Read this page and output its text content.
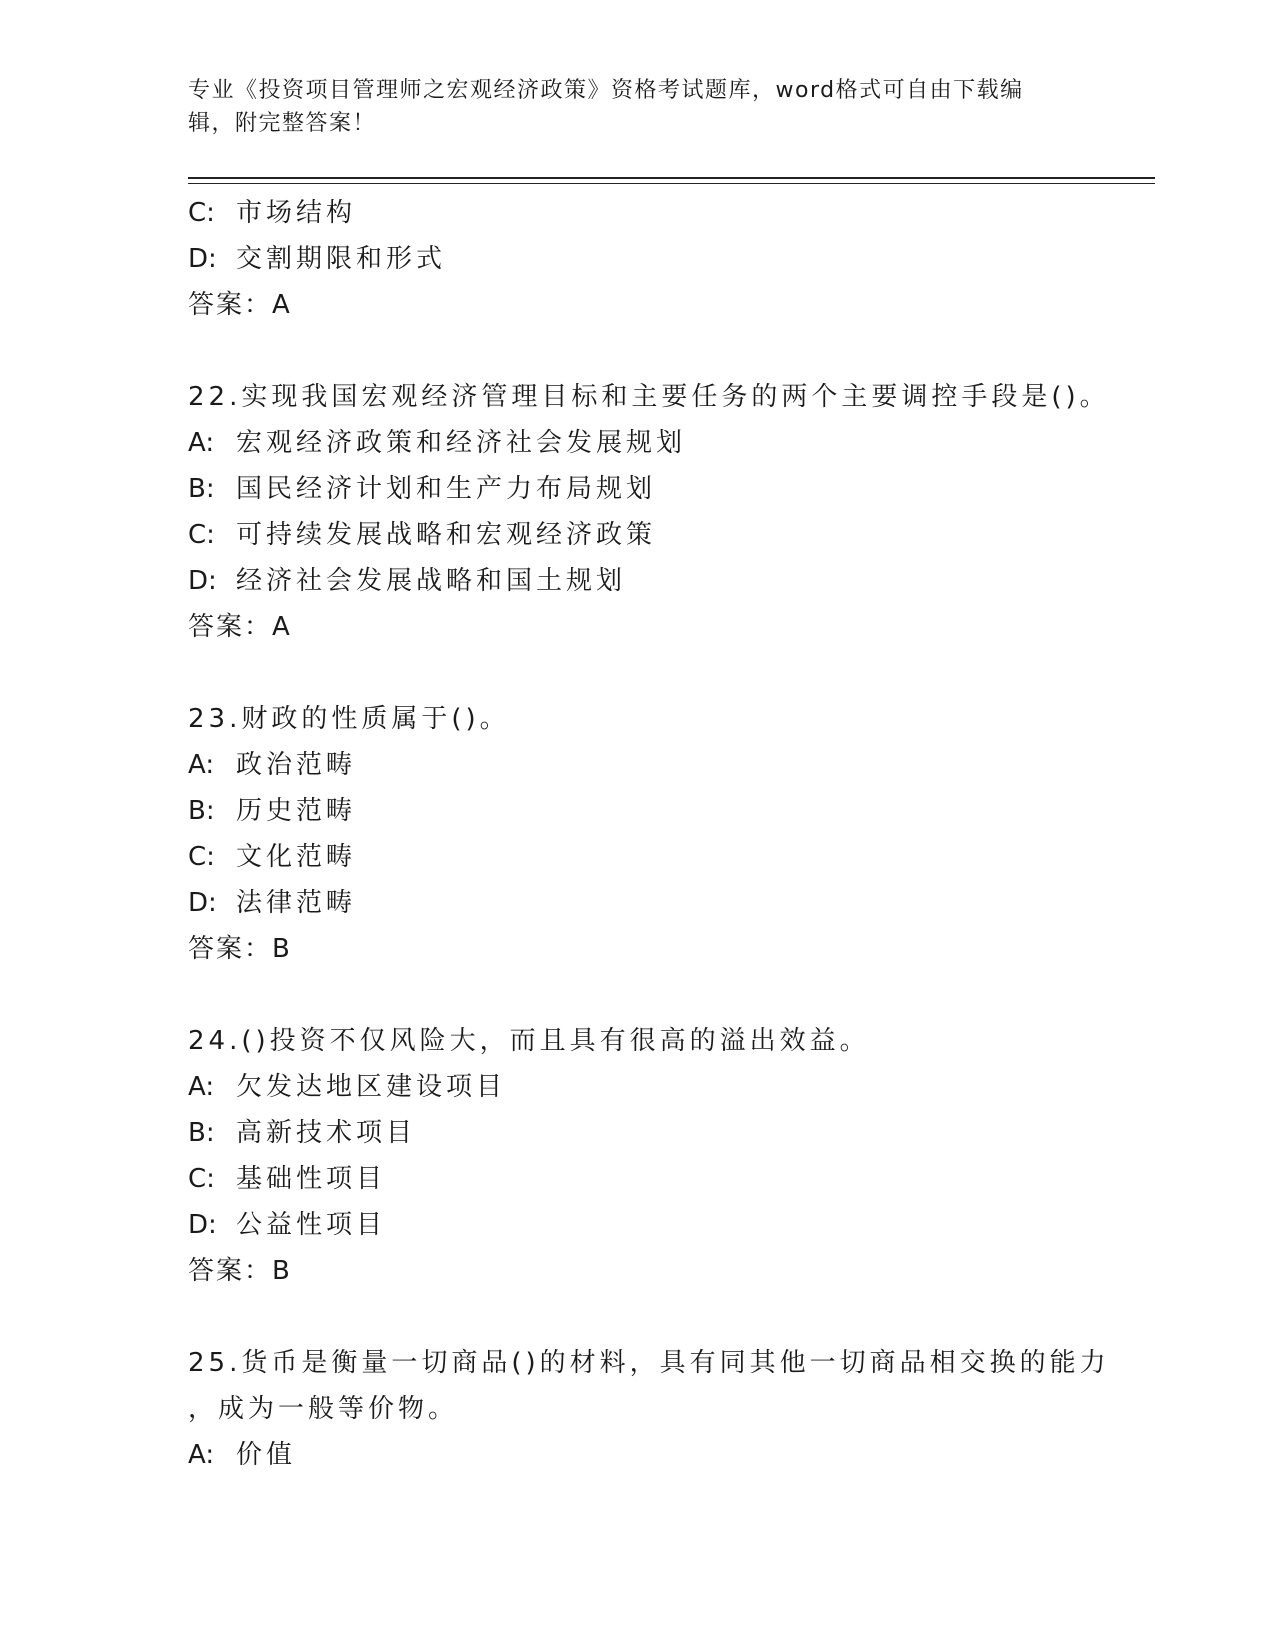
专业《投资项目管理师之宏观经济政策》资格考试题库，word格式可自由下载编
辑，附完整答案！
C: 市场结构
D: 交割期限和形式
答案：A
22.实现我国宏观经济管理目标和主要任务的两个主要调控手段是()。
A: 宏观经济政策和经济社会发展规划
B: 国民经济计划和生产力布局规划
C: 可持续发展战略和宏观经济政策
D: 经济社会发展战略和国土规划
答案：A
23.财政的性质属于()。
A: 政治范畴
B: 历史范畴
C: 文化范畴
D: 法律范畴
答案：B
24.()投资不仅风险大，而且具有很高的溢出效益。
A: 欠发达地区建设项目
B: 高新技术项目
C: 基础性项目
D: 公益性项目
答案：B
25.货币是衡量一切商品()的材料，具有同其他一切商品相交换的能力
，成为一般等价物。
A: 价值
